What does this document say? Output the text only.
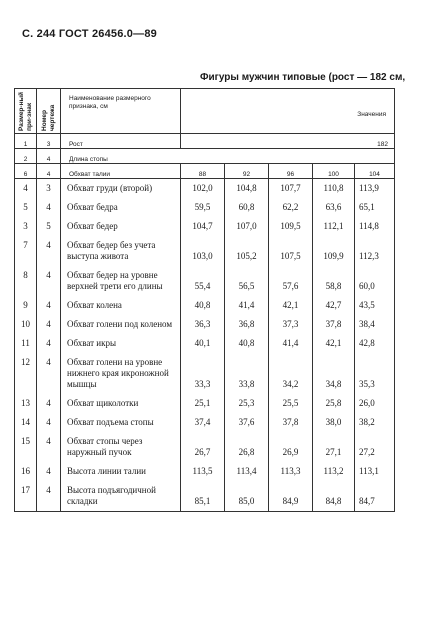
С. 244 ГОСТ 26456.0—89
Фигуры мужчин типовые (рост — 182 см,
Размер-ный при-знак	Номер чертежа	Наименование размерного признака, см	Значения				

1	3	Рост	182				
2	4	Длина стопы					
6	4	Обхват талии	88	92	96	100	104
4	3	Обхват груди (второй)	102,0	104,8	107,7	110,8	113,9
5	4	Обхват бедра	59,5	60,8	62,2	63,6	65,1
3	5	Обхват бедер	104,7	107,0	109,5	112,1	114,8
7	4	Обхват бедер без учета выступа живота	103,0	105,2	107,5	109,9	112,3
8	4	Обхват бедер на уровне верхней трети его длины	55,4	56,5	57,6	58,8	60,0
9	4	Обхват колена	40,8	41,4	42,1	42,7	43,5
10	4	Обхват голени под коленом	36,3	36,8	37,3	37,8	38,4
11	4	Обхват икры	40,1	40,8	41,4	42,1	42,8
12	4	Обхват голени на уровне нижнего края икроножной мышцы	33,3	33,8	34,2	34,8	35,3
13	4	Обхват щиколотки	25,1	25,3	25,5	25,8	26,0
14	4	Обхват подъема стопы	37,4	37,6	37,8	38,0	38,2
15	4	Обхват стопы через наружный пучок	26,7	26,8	26,9	27,1	27,2
16	4	Высота линии талии	113,5	113,4	113,3	113,2	113,1
17	4	Высота подъягодичной складки	85,1	85,0	84,9	84,8	84,7
